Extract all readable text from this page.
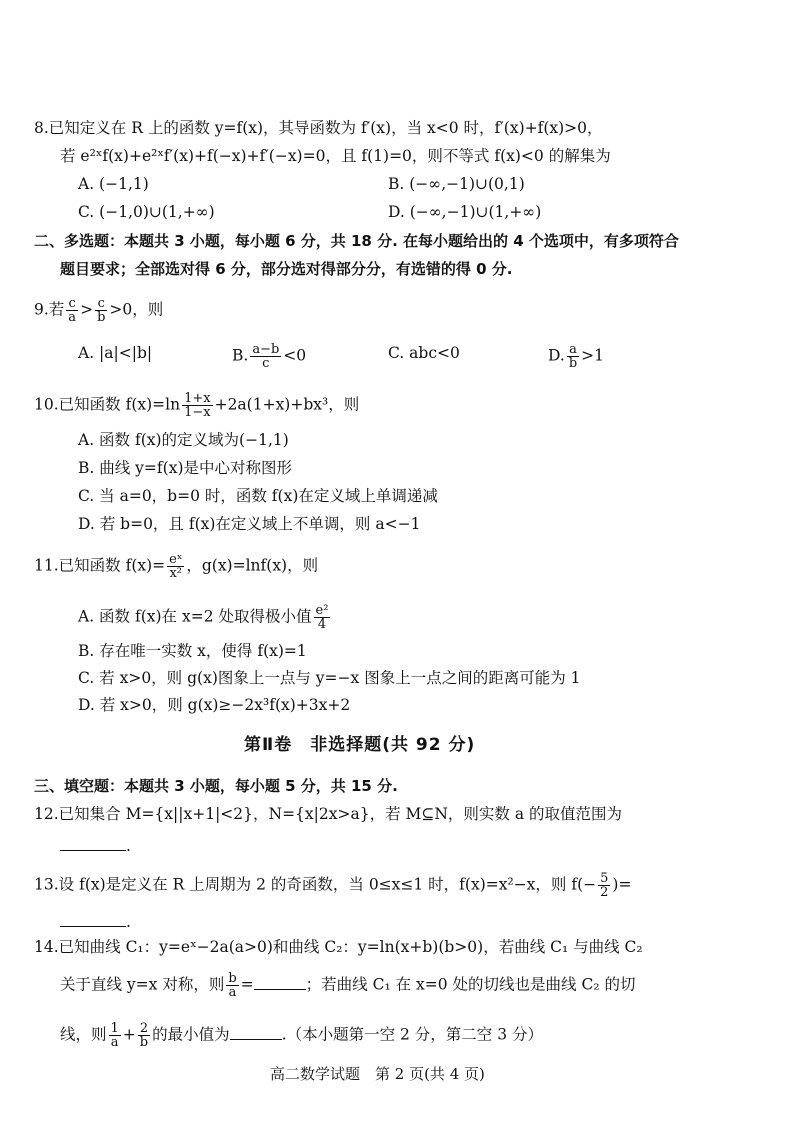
8.已知定义在 R 上的函数 y=f(x)，其导函数为 f′(x)，当 x<0 时，f′(x)+f(x)>0，
若 e²ˣf(x)+e²ˣf′(x)+f(−x)+f′(−x)=0，且 f(1)=0，则不等式 f(x)<0 的解集为
A. (−1,1)	B. (−∞,−1)∪(0,1)
C. (−1,0)∪(1,+∞)	D. (−∞,−1)∪(1,+∞)
二、多选题：本题共 3 小题，每小题 6 分，共 18 分. 在每小题给出的 4 个选项中，有多项符合
题目要求；全部选对得 6 分，部分选对得部分分，有选错的得 0 分.
9.若 $\frac{c}{a} > \frac{c}{b} >0$，则
A. |a|<|b|	B. $\frac{a-b}{c} <0$	C. abc<0	D. $\frac{a}{b} >1$
10.已知函数 $f(x)=\ln \frac{1+x}{1-x} +2a(1+x)+bx^3$，则
A. 函数 f(x)的定义域为(−1,1)
B. 曲线 y=f(x)是中心对称图形
C. 当 a=0，b=0 时，函数 f(x)在定义域上单调递减
D. 若 b=0，且 f(x)在定义域上不单调，则 a<−1
11.已知函数 $f(x)= \frac{\text{eˣ}}{\text{x²}}$ ，g(x)=lnf(x)，则
A. 函数 f(x)在 x=2 处取得极小值 $\frac{\text{e²}}{4}$
B. 存在唯一实数 x，使得 f(x)=1
C. 若 x>0，则 g(x)图象上一点与 y=−x 图象上一点之间的距离可能为 1
D. 若 x>0，则 g(x)≥−2x³f(x)+3x+2
第Ⅱ卷　非选择题(共 92 分)
三、填空题：本题共 3 小题，每小题 5 分，共 15 分.
12.已知集合 M={x||x+1|<2}，N={x|2x>a}，若 M⊆N，则实数 a 的取值范围为
.
13.设 f(x)是定义在 R 上周期为 2 的奇函数，当 0≤x≤1 时，f(x)=x²−x，则 $f(- \frac{5}{2}$ )=
.
14.已知曲线 C₁：y=eˣ−2a(a>0)和曲线 C₂：y=ln(x+b)(b>0)，若曲线 C₁ 与曲线 C₂
关于直线 y=x 对称，则 $\frac{b}{a}$ =	；若曲线 C₁ 在 x=0 处的切线也是曲线 C₂ 的切
线，则 $\frac{1}{a} + \frac{2}{b}$ 的最小值为	.（本小题第一空 2 分，第二空 3 分）
高二数学试题　第 2 页(共 4 页)
